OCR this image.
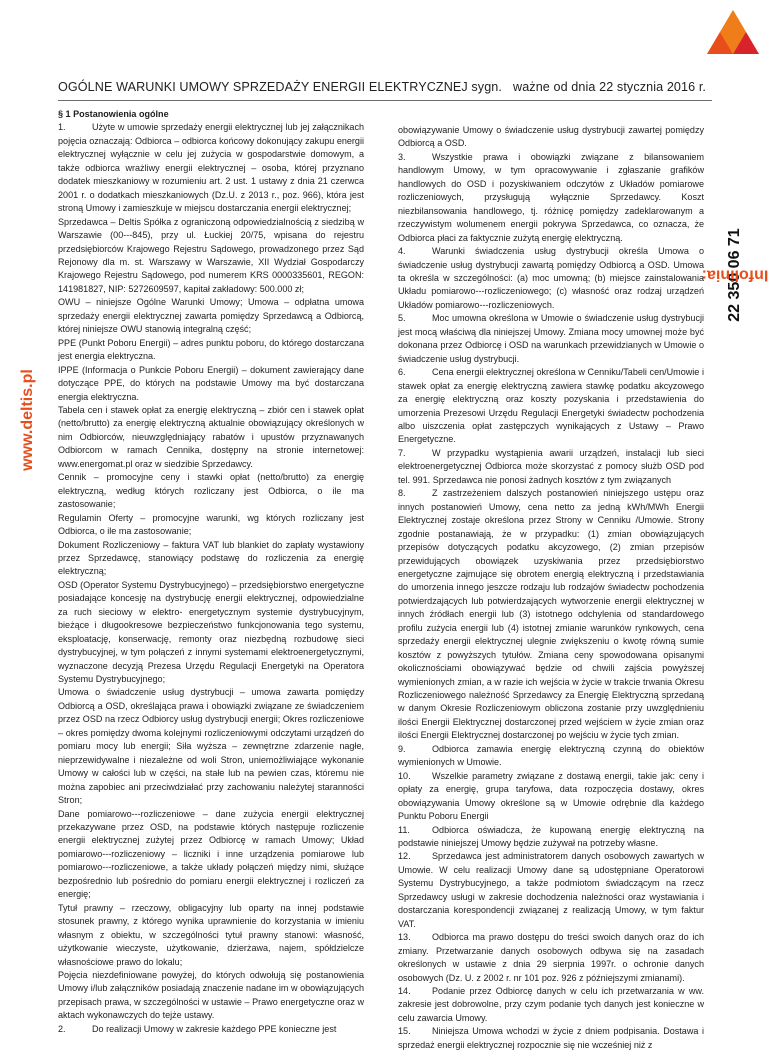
OGÓLNE WARUNKI UMOWY SPRZEDAŻY ENERGII ELEKTRYCZNEJ sygn. ważne od dnia 22 stycznia 2016 r.
www.deltis.pl
Infolinia:
22 350 06 71
§ 1 Postanowienia ogólne

1.	Użyte w umowie sprzedaży energii elektrycznej lub jej załącznikach pojęcia oznaczają: Odbiorca – odbiorca końcowy dokonujący zakupu energii elektrycznej wyłącznie w celu jej zużycia w gospodarstwie domowym, a także odbiorca wrażliwy energii elektrycznej – osoba, której przyznano dodatek mieszkaniowy w rozumieniu art. 2 ust. 1 ustawy z dnia 21 czerwca 2001 r. o dodatkach mieszkaniowych (Dz.U. z 2013 r., poz. 966), która jest stroną Umowy i zamieszkuje w miejscu dostarczania energii elektrycznej;

Sprzedawca – Deltis Spółka z ograniczoną odpowiedzialnością z siedzibą w Warszawie (00---845), przy ul. Łuckiej 20/75, wpisana do rejestru przedsiębiorców Krajowego Rejestru Sądowego, prowadzonego przez Sąd Rejonowy dla m. st. Warszawy w Warszawie, XII Wydział Gospodarczy Krajowego Rejestru Sądowego, pod numerem KRS 0000335601, REGON: 141981827, NIP: 5272609597, kapitał zakładowy: 500.000 zł;

OWU – niniejsze Ogólne Warunki Umowy; Umowa – odpłatna umowa sprzedaży energii elektrycznej zawarta pomiędzy Sprzedawcą a Odbiorcą, której niniejsze OWU stanowią integralną część;

PPE (Punkt Poboru Energii) – adres punktu poboru, do którego dostarczana jest energia elektryczna.

IPPE (Informacja o Punkcie Poboru Energii) – dokument zawierający dane dotyczące PPE, do których na podstawie Umowy ma być dostarczana energia elektryczna.

Tabela cen i stawek opłat za energię elektryczną – zbiór cen i stawek opłat (netto/brutto) za energię elektryczną aktualnie obowiązujący określonych w nim Odbiorców, nieuwzględniający rabatów i upustów przyznawanych Odbiorcom w ramach Cennika, dostępny na stronie internetowej: www.energomat.pl oraz w siedzibie Sprzedawcy.

Cennik – promocyjne ceny i stawki opłat (netto/brutto) za energię elektryczną, według których rozliczany jest Odbiorca, o ile ma zastosowanie;

Regulamin Oferty – promocyjne warunki, wg których rozliczany jest Odbiorca, o ile ma zastosowanie;

Dokument Rozliczeniowy – faktura VAT lub blankiet do zapłaty wystawiony przez Sprzedawcę, stanowiący podstawę do rozliczenia za energię elektryczną;

OSD (Operator Systemu Dystrybucyjnego) – przedsiębiorstwo energetyczne posiadające koncesję na dystrybucję energii elektrycznej, odpowiedzialne za ruch sieciowy w elektro- energetycznym systemie dystrybucyjnym, bieżące i długookresowe bezpieczeństwo funkcjonowania tego systemu, eksploatację, konserwację, remonty oraz niezbędną rozbudowę sieci dystrybucyjnej, w tym połączeń z innymi systemami elektroenergetycznymi, wyznaczone decyzją Prezesa Urzędu Regulacji Energetyki na Operatora Systemu Dystrybucyjnego;

Umowa o świadczenie usług dystrybucji – umowa zawarta pomiędzy Odbiorcą a OSD, określająca prawa i obowiązki związane ze świadczeniem przez OSD na rzecz Odbiorcy usług dystrybucji energii; Okres rozliczeniowe – okres pomiędzy dwoma kolejnymi rozliczeniowymi odczytami urządzeń do pomiaru mocy lub energii; Siła wyższa – zewnętrzne zdarzenie nagłe, nieprzewidywalne i niezależne od woli Stron, uniemożliwiające wykonanie Umowy w całości lub w części, na stałe lub na pewien czas, któremu nie można zapobiec ani przeciwdziałać przy zachowaniu należytej staranności Stron;

Dane pomiarowo---rozliczeniowe – dane zużycia energii elektrycznej przekazywane przez OSD, na podstawie których następuje rozliczenie energii elektrycznej zużytej przez Odbiorcę w ramach Umowy; Układ pomiarowo---rozliczeniowy – liczniki i inne urządzenia pomiarowe lub pomiarowo---rozliczeniowe, a także układy połączeń między nimi, służące bezpośrednio lub pośrednio do pomiaru energii elektrycznej i rozliczeń za energię;

Tytuł prawny – rzeczowy, obligacyjny lub oparty na innej podstawie stosunek prawny, z którego wynika uprawnienie do korzystania w imieniu własnym z obiektu, w szczególności tytuł prawny stanowi: własność, użytkowanie wieczyste, użytkowanie, dzierżawa, najem, spółdzielcze własnościowe prawo do lokalu;

Pojęcia niezdefiniowane powyżej, do których odwołują się postanowienia Umowy i/lub załączników posiadają znaczenie nadane im w obowiązujących przepisach prawa, w szczególności w ustawie – Prawo energetyczne oraz w aktach wykonawczych do tejże ustawy.

2.	Do realizacji Umowy w zakresie każdego PPE konieczne jest

obowiązywanie Umowy o świadczenie usług dystrybucji zawartej pomiędzy Odbiorcą a OSD.

3.	Wszystkie prawa i obowiązki związane z bilansowaniem handlowym Umowy, w tym opracowywanie i zgłaszanie grafików handlowych do OSD i pozyskiwaniem odczytów z Układów pomiarowe rozliczeniowych, przysługują wyłącznie Sprzedawcy. Koszt niezbilansowania handlowego, tj. różnicę pomiędzy zadeklarowanym a rzeczywistym wolumenem energii pokrywa Sprzedawca, co oznacza, że Odbiorca płaci za faktycznie zużytą energię elektryczną.

4.	Warunki świadczenia usług dystrybucji określa Umowa o świadczenie usług dystrybucji zawartą pomiędzy Odbiorcą a OSD. Umowa ta określa w szczególności: (a) moc umowną; (b) miejsce zainstalowania Układu pomiarowo---rozliczeniowego; (c) własność oraz rodzaj urządzeń Układów pomiarowo---rozliczeniowych.

5.	Moc umowna określona w Umowie o świadczenie usług dystrybucji jest mocą właściwą dla niniejszej Umowy. Zmiana mocy umownej może być dokonana przez Odbiorcę i OSD na warunkach przewidzianych w Umowie o świadczenie usług dystrybucji.

6.	Cena energii elektrycznej określona w Cenniku/Tabeli cen/Umowie i stawek opłat za energię elektryczną zawiera stawkę podatku akcyzowego za energię elektryczną oraz koszty pozyskania i przedstawienia do umorzenia Prezesowi Urzędu Regulacji Energetyki świadectw pochodzenia albo uiszczenia opłat zastępczych wynikających z Ustawy – Prawo Energetyczne.

7.	W przypadku wystąpienia awarii urządzeń, instalacji lub sieci elektroenergetycznej Odbiorca może skorzystać z pomocy służb OSD pod tel. 991. Sprzedawca nie ponosi żadnych kosztów z tym związanych

8.	Z zastrzeżeniem dalszych postanowień niniejszego ustępu oraz innych postanowień Umowy, cena netto za jedną kWh/MWh Energii Elektrycznej zostaje określona przez Strony w Cenniku /Umowie. Strony zgodnie postanawiają, że w przypadku: (1) zmian obowiązujących przepisów dotyczących podatku akcyzowego, (2) zmian przepisów przewidujących obowiązek uzyskiwania przez przedsiębiorstwo energetyczne zajmujące się obrotem energią elektryczną i przedstawiania do umorzenia innego jeszcze rodzaju lub rodzajów świadectw pochodzenia potwierdzających lub potwierdzających wytworzenie energii elektrycznej w innych źródłach energii lub (3) istotnego odchylenia od standardowego profilu zużycia energii lub (4) istotnej zmianie warunków rynkowych, cena sprzedaży energii elektrycznej ulegnie zwiększeniu o kwotę równą sumie kosztów z powyższych tytułów. Zmiana ceny spowodowana opisanymi okolicznościami obowiązywać będzie od chwili zajścia powyższej wymienionych zmian, a w razie ich wejścia w życie w trakcie trwania Okresu Rozliczeniowego należność Sprzedawcy za Energię Elektryczną sprzedaną w danym Okresie Rozliczeniowym obliczona zostanie przy uwzględnieniu ilości Energii Elektrycznej dostarczonej przed wejściem w życie zmian oraz ilości Energii Elektrycznej dostarczonej po wejściu w życie tych zmian.

9.	Odbiorca zamawia energię elektryczną czynną do obiektów wymienionych w Umowie.

10. Wszelkie parametry związane z dostawą energii, takie jak: ceny i opłaty za energię, grupa taryfowa, data rozpoczęcia dostawy, okres obowiązywania Umowy określone są w Umowie odrębnie dla każdego Punktu Poboru Energii

11. Odbiorca oświadcza, że kupowaną energię elektryczną na podstawie niniejszej Umowy będzie zużywał na potrzeby własne.

12. Sprzedawca jest administratorem danych osobowych zawartych w Umowie. W celu realizacji Umowy dane są udostępniane Operatorowi Systemu Dystrybucyjnego, a także podmiotom świadczącym na rzecz Sprzedawcy usługi w zakresie dochodzenia należności oraz wystawiania i dostarczania korespondencji związanej z realizacją Umowy, w tym faktur VAT.

13. Odbiorca ma prawo dostępu do treści swoich danych oraz do ich zmiany. Przetwarzanie danych osobowych odbywa się na zasadach określonych w ustawie z dnia 29 sierpnia 1997r. o ochronie danych osobowych (Dz. U. z 2002 r. nr 101 poz. 926 z późniejszymi zmianami).

14. Podanie przez Odbiorcę danych w celu ich przetwarzania w ww. zakresie jest dobrowolne, przy czym podanie tych danych jest konieczne w celu zawarcia Umowy.

15. Niniejsza Umowa wchodzi w życie z dniem podpisania. Dostawa i sprzedaż energii elektrycznej rozpocznie się nie wcześniej niż z
